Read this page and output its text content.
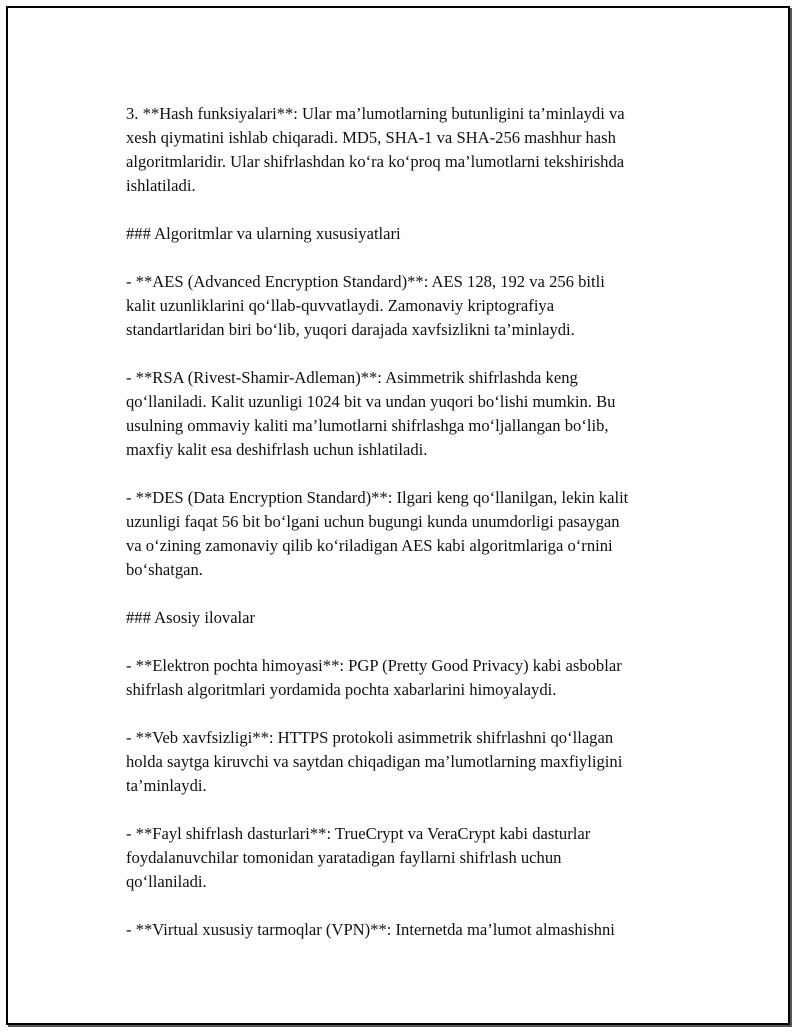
3. **Hash funksiyalari**: Ular ma’lumotlarning butunligini ta’minlaydi va
xesh qiymatini ishlab chiqaradi. MD5, SHA-1 va SHA-256 mashhur hash
algoritmlaridir. Ular shifrlashdan ko‘ra ko‘proq ma’lumotlarni tekshirishda
ishlatiladi.

### Algoritmlar va ularning xususiyatlari

- **AES (Advanced Encryption Standard)**: AES 128, 192 va 256 bitli
kalit uzunliklarini qo‘llab-quvvatlaydi. Zamonaviy kriptografiya
standartlaridan biri bo‘lib, yuqori darajada xavfsizlikni ta’minlaydi.

- **RSA (Rivest-Shamir-Adleman)**: Asimmetrik shifrlashda keng
qo‘llaniladi. Kalit uzunligi 1024 bit va undan yuqori bo‘lishi mumkin. Bu
usulning ommaviy kaliti ma’lumotlarni shifrlashga mo‘ljallangan bo‘lib,
maxfiy kalit esa deshifrlash uchun ishlatiladi.

- **DES (Data Encryption Standard)**: Ilgari keng qo‘llanilgan, lekin kalit
uzunligi faqat 56 bit bo‘lgani uchun bugungi kunda unumdorligi pasaygan
va o‘zining zamonaviy qilib ko‘riladigan AES kabi algoritmlariga o‘rnini
bo‘shatgan.

### Asosiy ilovalar

- **Elektron pochta himoyasi**: PGP (Pretty Good Privacy) kabi asboblar
shifrlash algoritmlari yordamida pochta xabarlarini himoyalaydi.

- **Veb xavfsizligi**: HTTPS protokoli asimmetrik shifrlashni qo‘llagan
holda saytga kiruvchi va saytdan chiqadigan ma’lumotlarning maxfiyligini
ta’minlaydi.

- **Fayl shifrlash dasturlari**: TrueCrypt va VeraCrypt kabi dasturlar
foydalanuvchilar tomonidan yaratadigan fayllarni shifrlash uchun
qo‘llaniladi.

- **Virtual xususiy tarmoqlar (VPN)**: Internetda ma’lumot almashishni
